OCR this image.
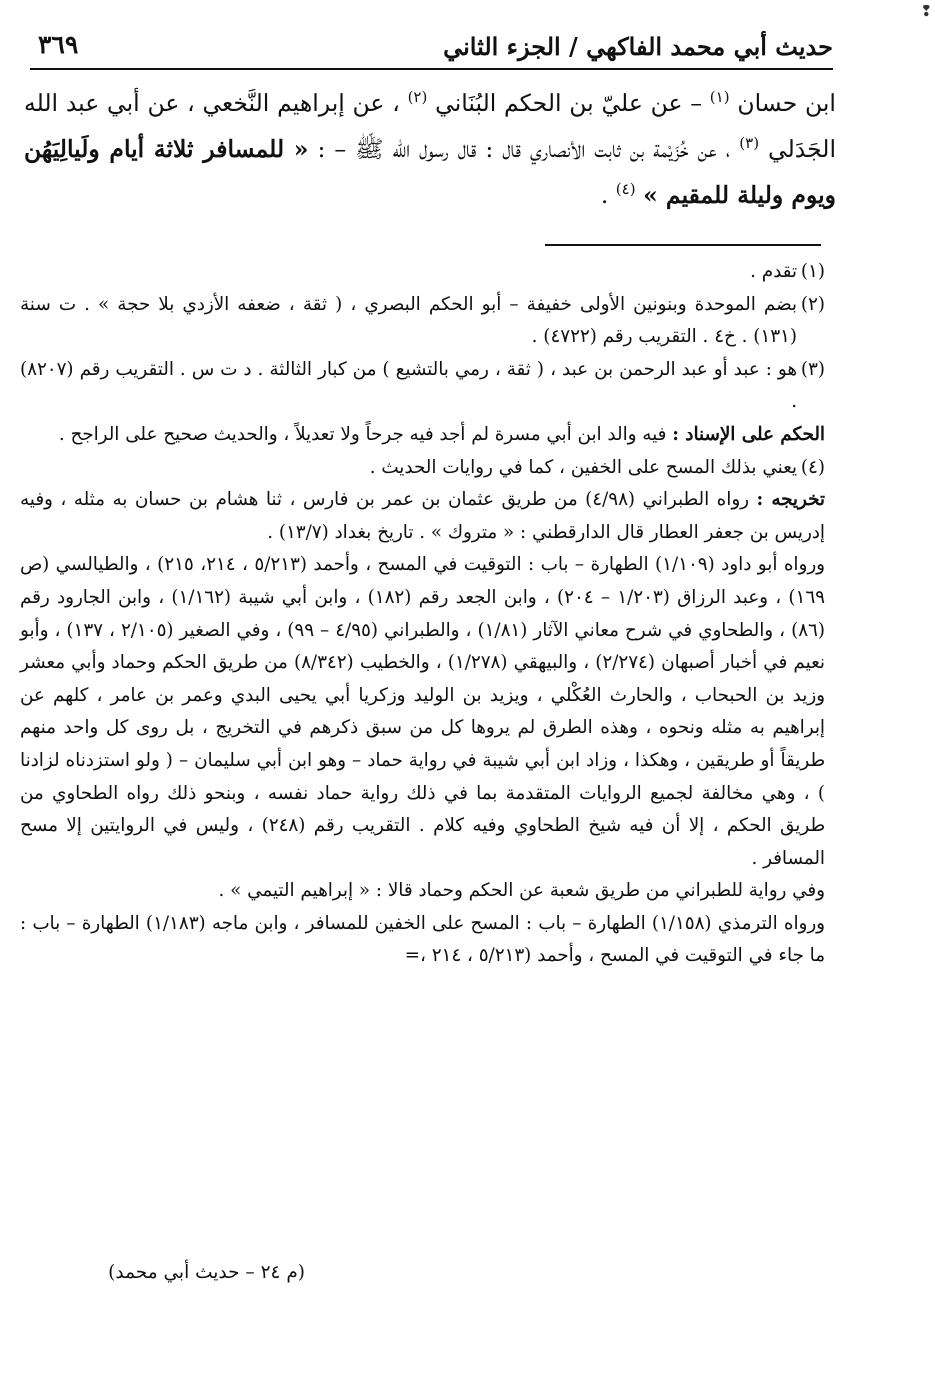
❢
حديث أبي محمد الفاكهي / الجزء الثاني
٣٦٩

ابن حسان $^{(١)}$ – عن عليّ بن الحكم البُنَاني $^{(٢)}$ ، عن إبراهيم النَّخعي ، عن أبي عبد الله الجَدَلي $^{(٣)}$ ، عن خُزَيْمة بن ثابت الأنصاري قال : قال رسول الله ﷺ – : « للمسافر ثلاثة أيام ولَيالِيَهُن ويوم وليلة للمقيم » $^{(٤)}$ .

(١)

تقدم .

(٢)

بضم الموحدة وبنونين الأولى خفيفة – أبو الحكم البصري ، ( ثقة ، ضعفه الأزدي بلا حجة » . ت سنة (١٣١) . خ٤ . التقريب رقم (٤٧٢٢) .

(٣)

هو : عبد أو عبد الرحمن بن عبد ، ( ثقة ، رمي بالتشيع ) من كبار الثالثة . د ت س . التقريب رقم (٨٢٠٧) .

الحكم على الإسناد : فيه والد ابن أبي مسرة لم أجد فيه جرحاً ولا تعديلاً ، والحديث صحيح على الراجح .

(٤)

يعني بذلك المسح على الخفين ، كما في روايات الحديث .

تخريجه : رواه الطبراني (٤/٩٨) من طريق عثمان بن عمر بن فارس ، ثنا هشام بن حسان به مثله ، وفيه إدريس بن جعفر العطار قال الدارقطني : « متروك » . تاريخ بغداد (١٣/٧) .

ورواه أبو داود (١/١٠٩) الطهارة – باب : التوقيت في المسح ، وأحمد (٥/٢١٣ ، ٢١٤، ٢١٥) ، والطيالسي (ص ١٦٩) ، وعبد الرزاق (١/٢٠٣ – ٢٠٤) ، وابن الجعد رقم (١٨٢) ، وابن أبي شيبة (١/١٦٢) ، وابن الجارود رقم (٨٦) ، والطحاوي في شرح معاني الآثار (١/٨١) ، والطبراني (٤/٩٥ – ٩٩) ، وفي الصغير (٢/١٠٥ ، ١٣٧) ، وأبو نعيم في أخبار أصبهان (٢/٢٧٤) ، والبيهقي (١/٢٧٨) ، والخطيب (٨/٣٤٢) من طريق الحكم وحماد وأبي معشر وزيد بن الحبحاب ، والحارث العُكْلي ، ويزيد بن الوليد وزكريا أبي يحيى البدي وعمر بن عامر ، كلهم عن إبراهيم به مثله ونحوه ، وهذه الطرق لم يروها كل من سبق ذكرهم في التخريج ، بل روى كل واحد منهم طريقاً أو طريقين ، وهكذا ، وزاد ابن أبي شيبة في رواية حماد – وهو ابن أبي سليمان – ( ولو استزدناه لزادنا ) ، وهي مخالفة لجميع الروايات المتقدمة بما في ذلك رواية حماد نفسه ، وبنحو ذلك رواه الطحاوي من طريق الحكم ، إلا أن فيه شيخ الطحاوي وفيه كلام . التقريب رقم (٢٤٨) ، وليس في الروايتين إلا مسح المسافر .

وفي رواية للطبراني من طريق شعبة عن الحكم وحماد قالا : « إبراهيم التيمي » .

ورواه الترمذي (١/١٥٨) الطهارة – باب : المسح على الخفين للمسافر ، وابن ماجه (١/١٨٣) الطهارة – باب : ما جاء في التوقيت في المسح ، وأحمد (٥/٢١٣ ، ٢١٤ ،=

(م ٢٤ – حديث أبي محمد)
